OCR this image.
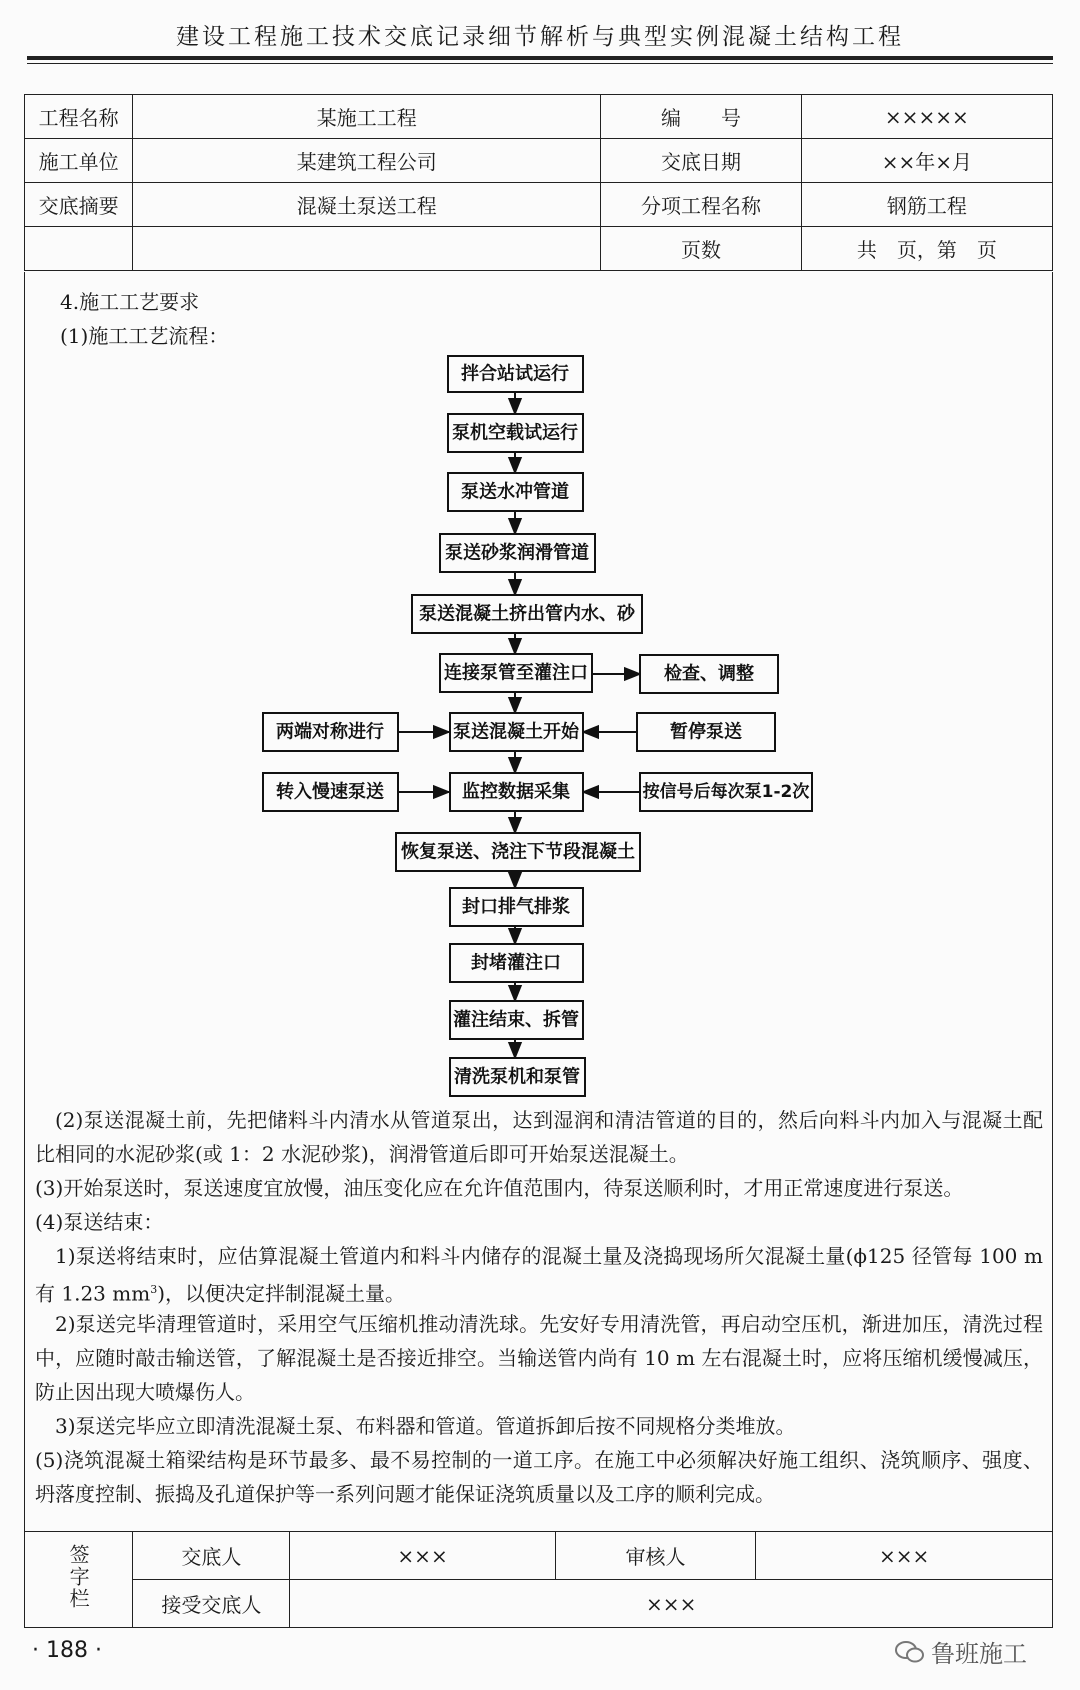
建设工程施工技术交底记录细节解析与典型实例混凝土结构工程
工程名称	某施工工程	编　　号	×××××
施工单位	某建筑工程公司	交底日期	××年×月
交底摘要	混凝土泵送工程	分项工程名称	钢筋工程
		页数	共　页，第　页
4.施工工艺要求
(1)施工工艺流程：
拌合站试运行
泵机空载试运行
泵送水冲管道
泵送砂浆润滑管道
泵送混凝土挤出管内水、砂
连接泵管至灌注口
泵送混凝土开始
监控数据采集
恢复泵送、浇注下节段混凝土
封口排气排浆
封堵灌注口
灌注结束、拆管
清洗泵机和泵管
检查、调整
两端对称进行	暂停泵送
转入慢速泵送	按信号后每次泵1-2次

(2)泵送混凝土前，先把储料斗内清水从管道泵出，达到湿润和清洁管道的目的，然后向料斗内加入与混凝土配比相同的水泥砂浆(或 1：2 水泥砂浆)，润滑管道后即可开始泵送混凝土。

(3)开始泵送时，泵送速度宜放慢，油压变化应在允许值范围内，待泵送顺利时，才用正常速度进行泵送。

(4)泵送结束：

1)泵送将结束时，应估算混凝土管道内和料斗内储存的混凝土量及浇捣现场所欠混凝土量(ϕ125 径管每 100 m 有 1.23 $mm^3$)，以便决定拌制混凝土量。

2)泵送完毕清理管道时，采用空气压缩机推动清洗球。先安好专用清洗管，再启动空压机，渐进加压，清洗过程中，应随时敲击输送管，了解混凝土是否接近排空。当输送管内尚有 10 m 左右混凝土时，应将压缩机缓慢减压，防止因出现大喷爆伤人。

3)泵送完毕应立即清洗混凝土泵、布料器和管道。管道拆卸后按不同规格分类堆放。

(5)浇筑混凝土箱梁结构是环节最多、最不易控制的一道工序。在施工中必须解决好施工组织、浇筑顺序、强度、坍落度控制、振捣及孔道保护等一系列问题才能保证浇筑质量以及工序的顺利完成。

签字栏	交底人	×××	审核人	×××
	接受交底人	×××		
· 188 ·	鲁班施工
